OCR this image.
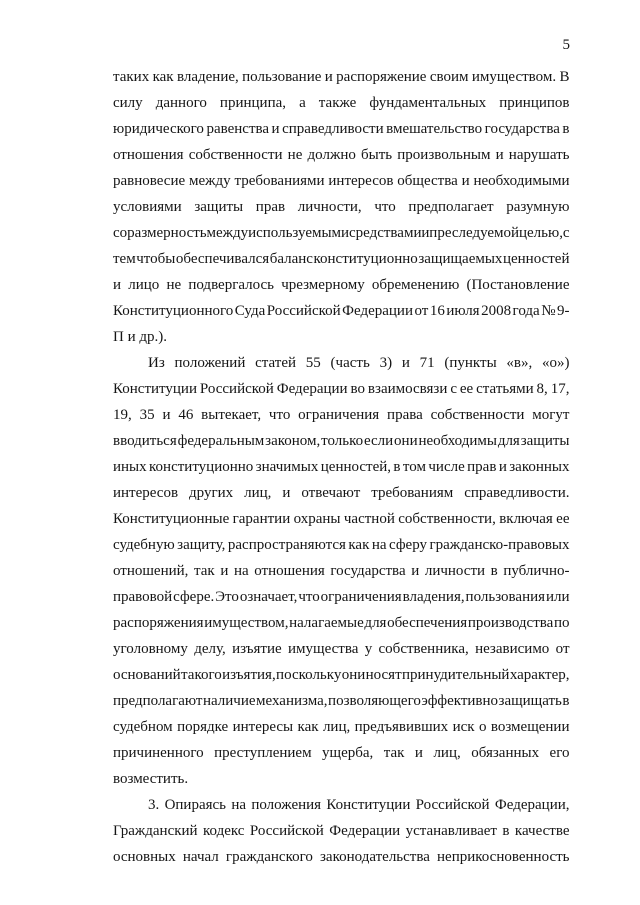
5
таких как владение, пользование и распоряжение своим имуществом. В
силу данного принципа, а также фундаментальных принципов
юридического равенства и справедливости вмешательство государства в
отношения собственности не должно быть произвольным и нарушать
равновесие между требованиями интересов общества и необходимыми
условиями защиты прав личности, что предполагает разумную
соразмерность между используемыми средствами и преследуемой целью, с
тем чтобы обеспечивался баланс конституционно защищаемых ценностей
и лицо не подвергалось чрезмерному обременению (Постановление
Конституционного Суда Российской Федерации от 16 июля 2008 года № 9-
П и др.).
Из положений статей 55 (часть 3) и 71 (пункты «в», «о»)
Конституции Российской Федерации во взаимосвязи с ее статьями 8, 17,
19, 35 и 46 вытекает, что ограничения права собственности могут
вводиться федеральным законом, только если они необходимы для защиты
иных конституционно значимых ценностей, в том числе прав и законных
интересов других лиц, и отвечают требованиям справедливости.
Конституционные гарантии охраны частной собственности, включая ее
судебную защиту, распространяются как на сферу гражданско-правовых
отношений, так и на отношения государства и личности в публично-
правовой сфере. Это означает, что ограничения владения, пользования или
распоряжения имуществом, налагаемые для обеспечения производства по
уголовному делу, изъятие имущества у собственника, независимо от
оснований такого изъятия, поскольку они носят принудительный характер,
предполагают наличие механизма, позволяющего эффективно защищать в
судебном порядке интересы как лиц, предъявивших иск о возмещении
причиненного преступлением ущерба, так и лиц, обязанных его
возместить.
3. Опираясь на положения Конституции Российской Федерации,
Гражданский кодекс Российской Федерации устанавливает в качестве
основных начал гражданского законодательства неприкосновенность
